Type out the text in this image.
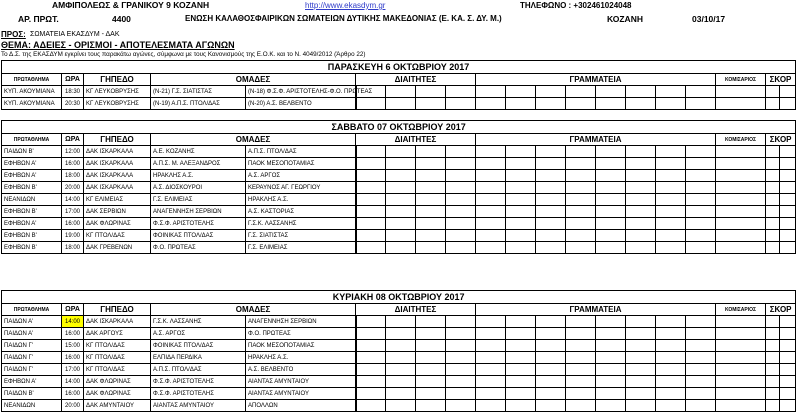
ΑΜΦΙΠΟΛΕΩΣ & ΓΡΑΝΙΚΟΥ 9 ΚΟΖΑΝΗ	http://www.ekasdym.gr	ΤΗΛΕΦΩΝΟ : +302461024048
ΑΡ. ΠΡΩΤ.	4400	ΕΝΩΣΗ ΚΑΛΑΘΟΣΦΑΙΡΙΚΩΝ ΣΩΜΑΤΕΙΩΝ ΔΥΤΙΚΗΣ ΜΑΚΕΔΟΝΙΑΣ (Ε. ΚΑ. Σ. ΔΥ. Μ.)	ΚΟΖΑΝΗ	03/10/17
ΠΡΟΣ: ΣΩΜΑΤΕΙΑ ΕΚΑΣΔΥΜ - ΔΑΚ
ΘΕΜΑ: ΑΔΕΙΕΣ - ΟΡΙΣΜΟΙ - ΑΠΟΤΕΛΕΣΜΑΤΑ ΑΓΩΝΩΝ
Το Δ.Σ. της ΕΚΑΣΔΥΜ εγκρίνει τους παρακάτω αγώνες, σύμφωνα με τους Κανονισμούς της Ε.Ο.Κ. και το Ν. 4049/2012 (Άρθρο 22)
ΠΑΡΑΣΚΕΥΗ 6 ΟΚΤΩΒΡΙΟΥ 2017																			
ΠΡΩΤΑΘΛΗΜΑ	ΩΡΑ	ΓΗΠΕΔΟ	ΟΜΑΔΕΣ		ΔΙΑΙΤΗΤΕΣ				ΓΡΑΜΜΑΤΕΙΑ								ΚΟΜΙΣΑΡΙΟΣ	ΣΚΟΡ	
ΚΥΠ. ΑΚΟΥΜΙΑΝΑ	18:30	ΚΓ ΛΕΥΚΟΒΡΥΣΗΣ	(Ν-21) Γ.Σ. ΣΙΑΤΙΣΤΑΣ	(Ν-18) Φ.Σ.Φ. ΑΡΙΣΤΟΤΕΛΗΣ-Φ.Ο. ΠΡΩΤΕΑΣ															
ΚΥΠ. ΑΚΟΥΜΙΑΝΑ	20:30	ΚΓ ΛΕΥΚΟΒΡΥΣΗΣ	(Ν-19) Α.Π.Σ. ΠΤΟΛ/ΔΑΣ	(Ν-20) Α.Σ. ΒΕΛΒΕΝΤΟ															
ΣΑΒΒΑΤΟ 07 ΟΚΤΩΒΡΙΟΥ 2017																			
ΠΡΩΤΑΘΛΗΜΑ	ΩΡΑ	ΓΗΠΕΔΟ	ΟΜΑΔΕΣ		ΔΙΑΙΤΗΤΕΣ				ΓΡΑΜΜΑΤΕΙΑ								ΚΟΜΙΣΑΡΙΟΣ	ΣΚΟΡ	
ΠΑΙΔΩΝ Β'	12:00	ΔΑΚ ΙΣΚΑΡΚΑΛΑ	Α.Ε. ΚΟΖΑΝΗΣ	Α.Π.Σ. ΠΤΟΛ/ΔΑΣ															
ΕΦΗΒΩΝ Α'	16:00	ΔΑΚ ΙΣΚΑΡΚΑΛΑ	Α.Π.Σ. Μ. ΑΛΕΞΑΝΔΡΟΣ	ΠΑΟΚ ΜΕΣΟΠΟΤΑΜΙΑΣ															
ΕΦΗΒΩΝ Α'	18:00	ΔΑΚ ΙΣΚΑΡΚΑΛΑ	ΗΡΑΚΛΗΣ Α.Σ.	Α.Σ. ΑΡΓΟΣ															
ΕΦΗΒΩΝ Β'	20:00	ΔΑΚ ΙΣΚΑΡΚΑΛΑ	Α.Σ. ΔΙΟΣΚΟΥΡΟΙ	ΚΕΡΑΥΝΟΣ ΑΓ. ΓΕΩΡΓΙΟΥ															
ΝΕΑΝΙΔΩΝ	14:00	ΚΓ ΕΛΙΜΕΙΑΣ	Γ.Σ. ΕΛΙΜΕΙΑΣ	ΗΡΑΚΛΗΣ Α.Σ.															
ΕΦΗΒΩΝ Β'	17:00	ΔΑΚ ΣΕΡΒΙΩΝ	ΑΝΑΓΕΝΝΗΣΗ ΣΕΡΒΙΩΝ	Α.Σ. ΚΑΣΤΟΡΙΑΣ															
ΕΦΗΒΩΝ Α'	16:00	ΔΑΚ ΦΛΩΡΙΝΑΣ	Φ.Σ.Φ. ΑΡΙΣΤΟΤΕΛΗΣ	Γ.Σ.Κ. ΛΑΣΣΑΝΗΣ															
ΕΦΗΒΩΝ Β'	19:00	ΚΓ ΠΤΟΛ/ΔΑΣ	ΦΟΙΝΙΚΑΣ ΠΤΟΛ/ΔΑΣ	Γ.Σ. ΣΙΑΤΙΣΤΑΣ															
ΕΦΗΒΩΝ Β'	18:00	ΔΑΚ ΓΡΕΒΕΝΩΝ	Φ.Ο. ΠΡΩΤΕΑΣ	Γ.Σ. ΕΛΙΜΕΙΑΣ															
ΚΥΡΙΑΚΗ 08 ΟΚΤΩΒΡΙΟΥ 2017																			
ΠΡΩΤΑΘΛΗΜΑ	ΩΡΑ	ΓΗΠΕΔΟ	ΟΜΑΔΕΣ		ΔΙΑΙΤΗΤΕΣ				ΓΡΑΜΜΑΤΕΙΑ								ΚΟΜΙΣΑΡΙΟΣ	ΣΚΟΡ	
ΠΑΙΔΩΝ Α'	14:00	ΔΑΚ ΙΣΚΑΡΚΑΛΑ	Γ.Σ.Κ. ΛΑΣΣΑΝΗΣ	ΑΝΑΓΕΝΝΗΣΗ ΣΕΡΒΙΩΝ															
ΠΑΙΔΩΝ Α'	16:00	ΔΑΚ ΑΡΓΟΥΣ	Α.Σ. ΑΡΓΟΣ	Φ.Ο. ΠΡΩΤΕΑΣ															
ΠΑΙΔΩΝ Γ'	15:00	ΚΓ ΠΤΟΛ/ΔΑΣ	ΦΟΙΝΙΚΑΣ ΠΤΟΛ/ΔΑΣ	ΠΑΟΚ ΜΕΣΟΠΟΤΑΜΙΑΣ															
ΠΑΙΔΩΝ Γ'	16:00	ΚΓ ΠΤΟΛ/ΔΑΣ	ΕΛΠΙΔΑ ΠΕΡΔΙΚΑ	ΗΡΑΚΛΗΣ Α.Σ.															
ΠΑΙΔΩΝ Γ'	17:00	ΚΓ ΠΤΟΛ/ΔΑΣ	Α.Π.Σ. ΠΤΟΛ/ΔΑΣ	Α.Σ. ΒΕΛΒΕΝΤΟ															
ΕΦΗΒΩΝ Α'	14:00	ΔΑΚ ΦΛΩΡΙΝΑΣ	Φ.Σ.Φ. ΑΡΙΣΤΟΤΕΛΗΣ	ΑΙΑΝΤΑΣ ΑΜΥΝΤΑΙΟΥ															
ΠΑΙΔΩΝ Β'	16:00	ΔΑΚ ΦΛΩΡΙΝΑΣ	Φ.Σ.Φ. ΑΡΙΣΤΟΤΕΛΗΣ	ΑΙΑΝΤΑΣ ΑΜΥΝΤΑΙΟΥ															
ΝΕΑΝΙΔΩΝ	20:00	ΔΑΚ ΑΜΥΝΤΑΙΟΥ	ΑΙΑΝΤΑΣ ΑΜΥΝΤΑΙΟΥ	ΑΠΟΛΛΩΝ															
